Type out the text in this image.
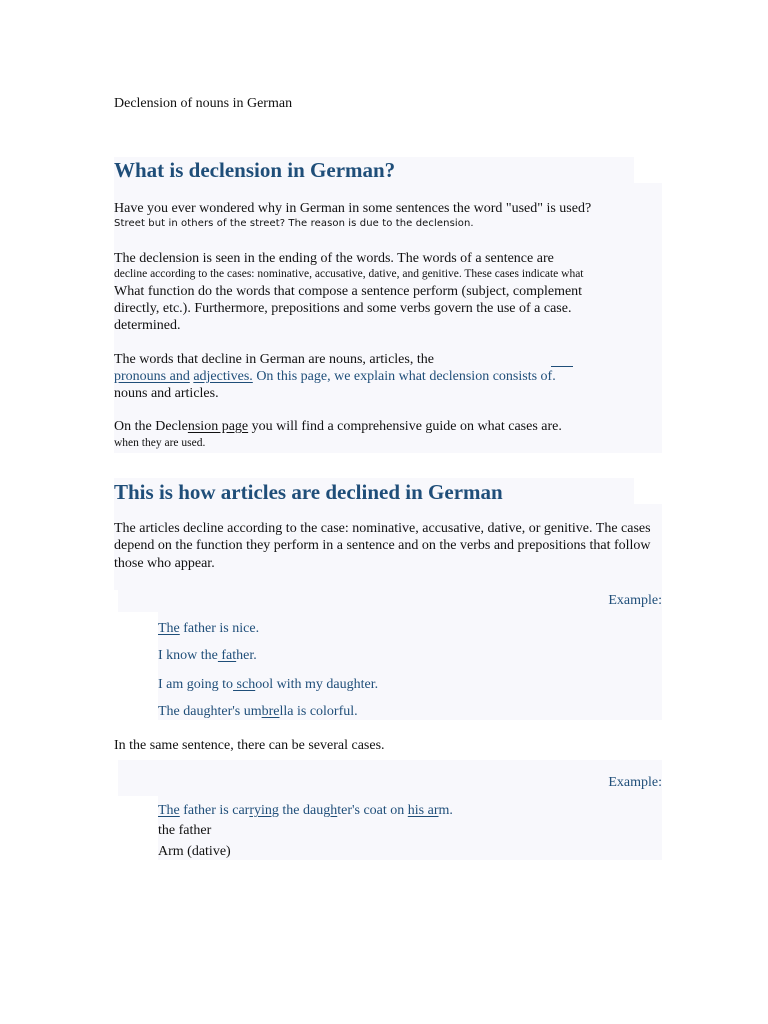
Declension of nouns in German
What is declension in German?
Have you ever wondered why in German in some sentences the word "used" is used?
Street but in others of the street? The reason is due to the declension.
The declension is seen in the ending of the words. The words of a sentence are
decline according to the cases: nominative, accusative, dative, and genitive. These cases indicate what
What function do the words that compose a sentence perform (subject, complement
directly, etc.). Furthermore, prepositions and some verbs govern the use of a case.
determined.
The words that decline in German are nouns, articles, the
pronouns and adjectives. On this page, we explain what declension consists of.
nouns and articles.
On the Declension page you will find a comprehensive guide on what cases are.
when they are used.
This is how articles are declined in German
The articles decline according to the case: nominative, accusative, dative, or genitive. The cases
depend on the function they perform in a sentence and on the verbs and prepositions that follow
those who appear.
Example:
The father is nice.
I know the father.
I am going to school with my daughter.
The daughter's umbrella is colorful.
In the same sentence, there can be several cases.
Example:
The father is carrying the daughter's coat on his arm.
the father
Arm (dative)
